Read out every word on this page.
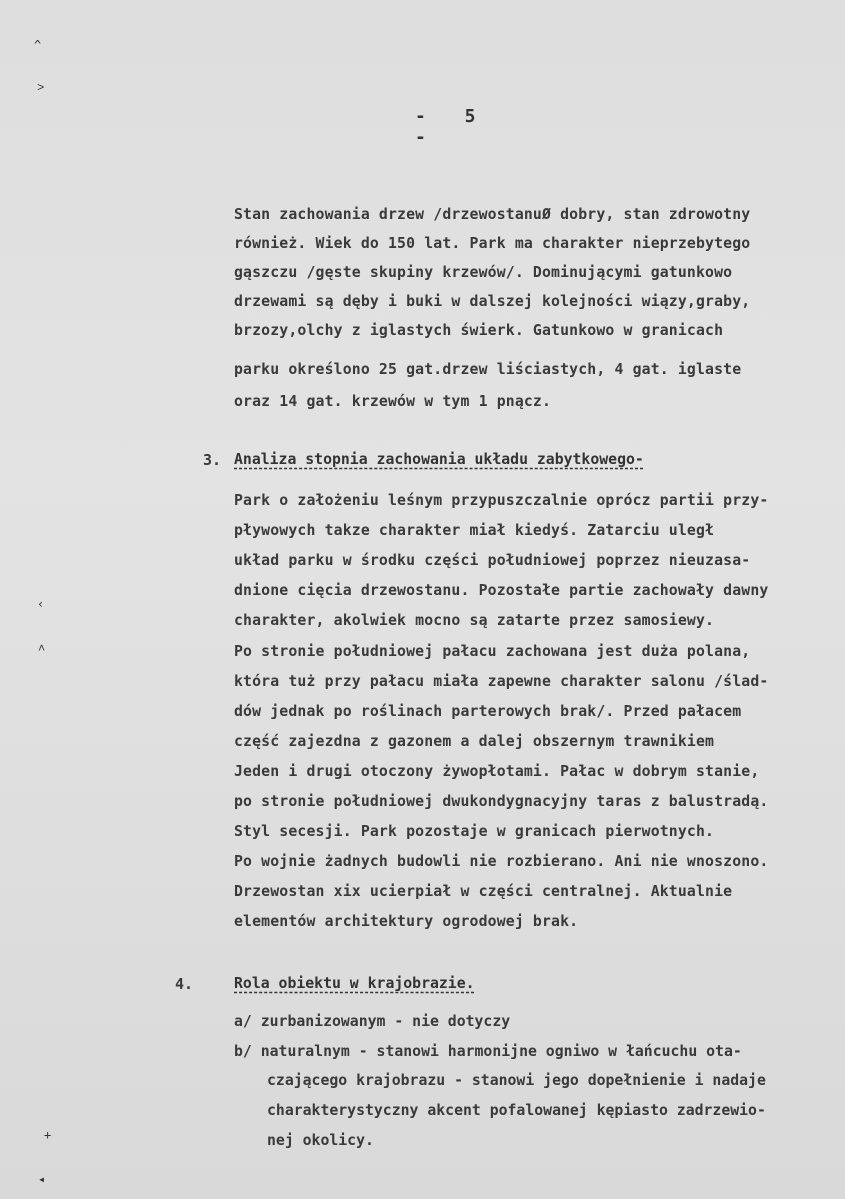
^
˃
‹
˄
+
◂
- 5 -
Stan zachowania drzew /drzewostanuØ dobry, stan zdrowotny
również. Wiek do 150 lat. Park ma charakter nieprzebytego
gąszczu /gęste skupiny krzewów/. Dominującymi gatunkowo
drzewami są dęby i buki w dalszej kolejności wiązy,graby,
brzozy,olchy z iglastych świerk. Gatunkowo w granicach
parku określono 25 gat.drzew liściastych, 4 gat. iglaste
oraz 14 gat. krzewów w tym 1 pnącz.
3. Analiza stopnia zachowania układu zabytkowego-
Park o założeniu leśnym przypuszczalnie oprócz partii przy-
pływowych takze charakter miał kiedyś. Zatarciu uległ
układ parku w środku części południowej poprzez nieuzasa-
dnione cięcia drzewostanu. Pozostałe partie zachowały dawny
charakter, akolwiek mocno są zatarte przez samosiewy.
Po stronie południowej pałacu zachowana jest duża polana,
która tuż przy pałacu miała zapewne charakter salonu /ślad-
dów jednak po roślinach parterowych brak/. Przed pałacem
część zajezdna z gazonem a dalej obszernym trawnikiem
Jeden i drugi otoczony żywopłotami. Pałac w dobrym stanie,
po stronie południowej dwukondygnacyjny taras z balustradą.
Styl secesji. Park pozostaje w granicach pierwotnych.
Po wojnie żadnych budowli nie rozbierano. Ani nie wnoszono.
Drzewostan xix ucierpiał w części centralnej. Aktualnie
elementów architektury ogrodowej brak.
4.	Rola obiektu w krajobrazie.
a/ zurbanizowanym - nie dotyczy
b/ naturalnym - stanowi harmonijne ogniwo w łańcuchu ota-
czającego krajobrazu - stanowi jego dopełnienie i nadaje
charakterystyczny akcent pofalowanej kępiasto zadrzewio-
nej okolicy.
